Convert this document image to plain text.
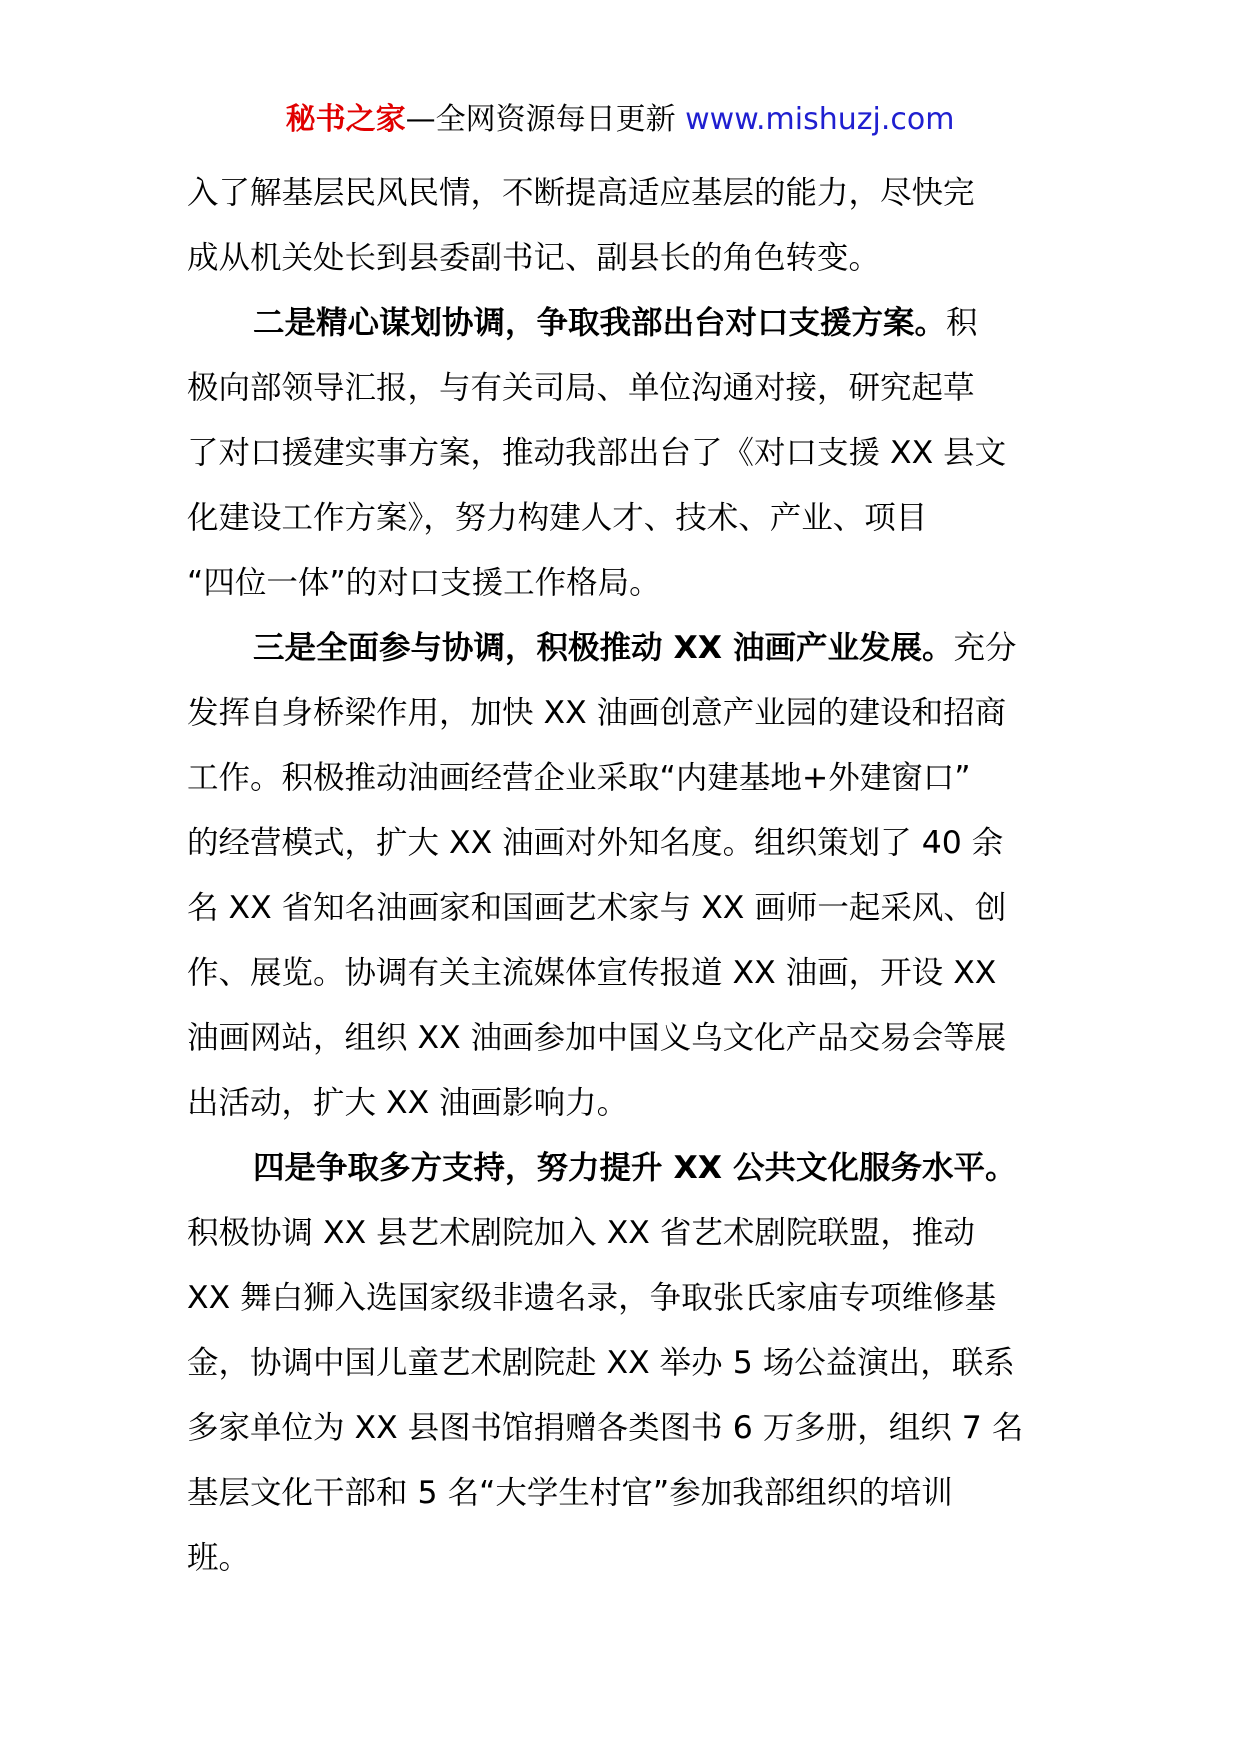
秘书之家—全网资源每日更新 www.mishuzj.com
入了解基层民风民情，不断提高适应基层的能力，尽快完
成从机关处长到县委副书记、副县长的角色转变。
二是精心谋划协调，争取我部出台对口支援方案。积
极向部领导汇报，与有关司局、单位沟通对接，研究起草
了对口援建实事方案，推动我部出台了《对口支援 XX 县文
化建设工作方案》，努力构建人才、技术、产业、项目
“四位一体”的对口支援工作格局。
三是全面参与协调，积极推动 XX 油画产业发展。充分
发挥自身桥梁作用，加快 XX 油画创意产业园的建设和招商
工作。积极推动油画经营企业采取“内建基地+外建窗口”
的经营模式，扩大 XX 油画对外知名度。组织策划了 40 余
名 XX 省知名油画家和国画艺术家与 XX 画师一起采风、创
作、展览。协调有关主流媒体宣传报道 XX 油画，开设 XX
油画网站，组织 XX 油画参加中国义乌文化产品交易会等展
出活动，扩大 XX 油画影响力。
四是争取多方支持，努力提升 XX 公共文化服务水平。
积极协调 XX 县艺术剧院加入 XX 省艺术剧院联盟，推动
XX 舞白狮入选国家级非遗名录，争取张氏家庙专项维修基
金，协调中国儿童艺术剧院赴 XX 举办 5 场公益演出，联系
多家单位为 XX 县图书馆捐赠各类图书 6 万多册，组织 7 名
基层文化干部和 5 名“大学生村官”参加我部组织的培训
班。
